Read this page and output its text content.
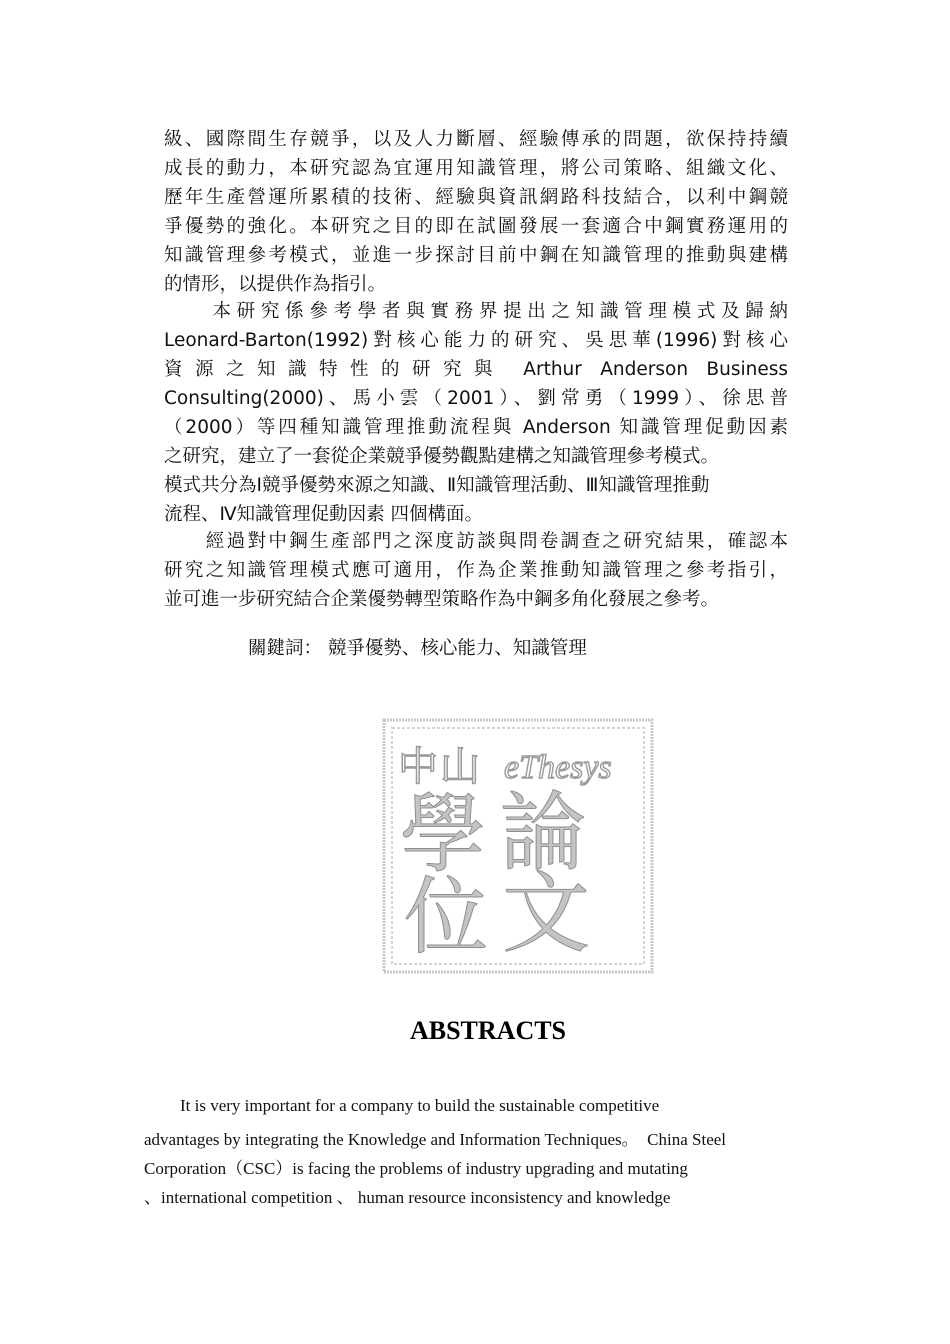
級、國際間生存競爭，以及人力斷層、經驗傳承的問題，欲保持持續
成長的動力，本研究認為宜運用知識管理，將公司策略、組織文化、
歷年生產營運所累積的技術、經驗與資訊網路科技結合，以利中鋼競
爭優勢的強化。本研究之目的即在試圖發展一套適合中鋼實務運用的
知識管理參考模式，並進一步探討目前中鋼在知識管理的推動與建構
的情形，以提供作為指引。
　　本研究係參考學者與實務界提出之知識管理模式及歸納
Leonard-Barton(1992)對核心能力的研究、吳思華(1996)對核心
資源之知識特性的研究與 Arthur Anderson Business
Consulting(2000)、馬小雲（2001）、劉常勇（1999）、徐思普
（2000）等四種知識管理推動流程與 Anderson 知識管理促動因素
之研究，建立了一套從企業競爭優勢觀點建構之知識管理參考模式。
模式共分為Ⅰ競爭優勢來源之知識、Ⅱ知識管理活動、Ⅲ知識管理推動
流程、Ⅳ知識管理促動因素 四個構面。
　　經過對中鋼生產部門之深度訪談與問卷調查之研究結果，確認本
研究之知識管理模式應可適用，作為企業推動知識管理之參考指引，
並可進一步研究結合企業優勢轉型策略作為中鋼多角化發展之參考。
關鍵詞： 競爭優勢、核心能力、知識管理
中 山 eThesys
學 論
位 文
ABSTRACTS
It is very important for a company to build the sustainable competitive
advantages by integrating the Knowledge and Information Techniques。　China Steel
Corporation（CSC）is facing the problems of industry upgrading and mutating
、international competition 、 human resource inconsistency and knowledge
